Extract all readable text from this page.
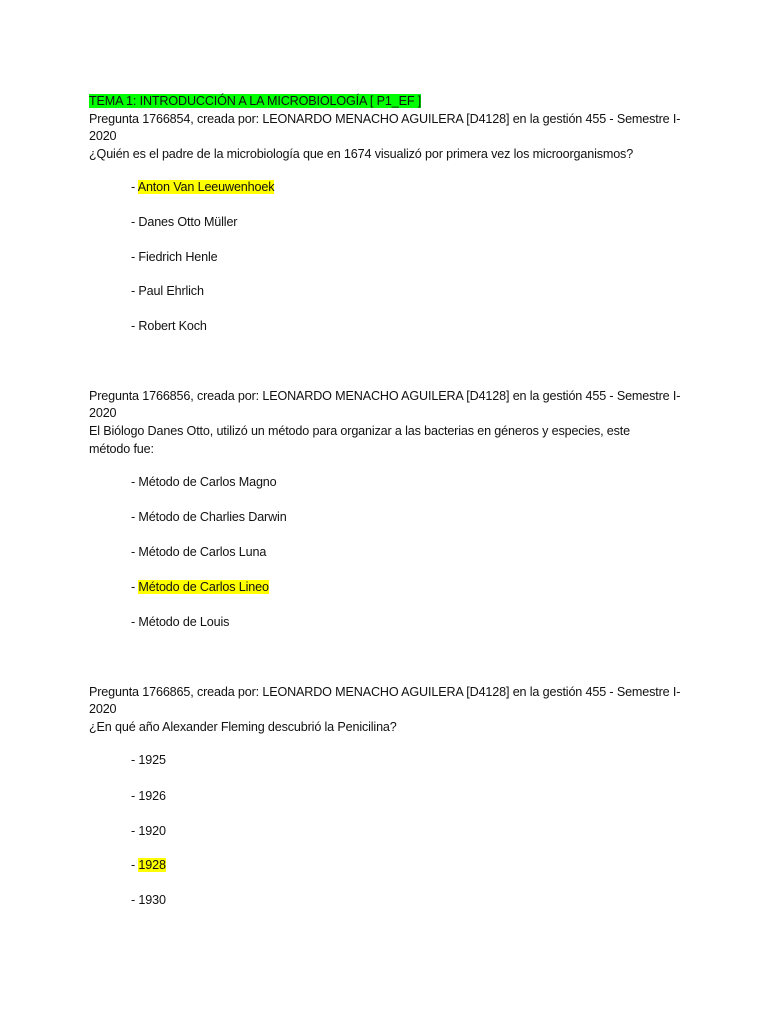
TEMA 1: INTRODUCCIÓN A LA MICROBIOLOGÍA [ P1_EF ]
Pregunta 1766854, creada por: LEONARDO MENACHO AGUILERA [D4128] en la gestión 455 - Semestre I-
2020
¿Quién es el padre de la microbiología que en 1674 visualizó por primera vez los microorganismos?
- Anton Van Leeuwenhoek
- Danes Otto Müller
- Fiedrich Henle
- Paul Ehrlich
- Robert Koch
Pregunta 1766856, creada por: LEONARDO MENACHO AGUILERA [D4128] en la gestión 455 - Semestre I-
2020
El Biólogo Danes Otto, utilizó un método para organizar a las bacterias en géneros y especies, este
método fue:
- Método de Carlos Magno
- Método de Charlies Darwin
- Método de Carlos Luna
- Método de Carlos Lineo
- Método de Louis
Pregunta 1766865, creada por: LEONARDO MENACHO AGUILERA [D4128] en la gestión 455 - Semestre I-
2020
¿En qué año Alexander Fleming descubrió la Penicilina?
- 1925
- 1926
- 1920
- 1928
- 1930
